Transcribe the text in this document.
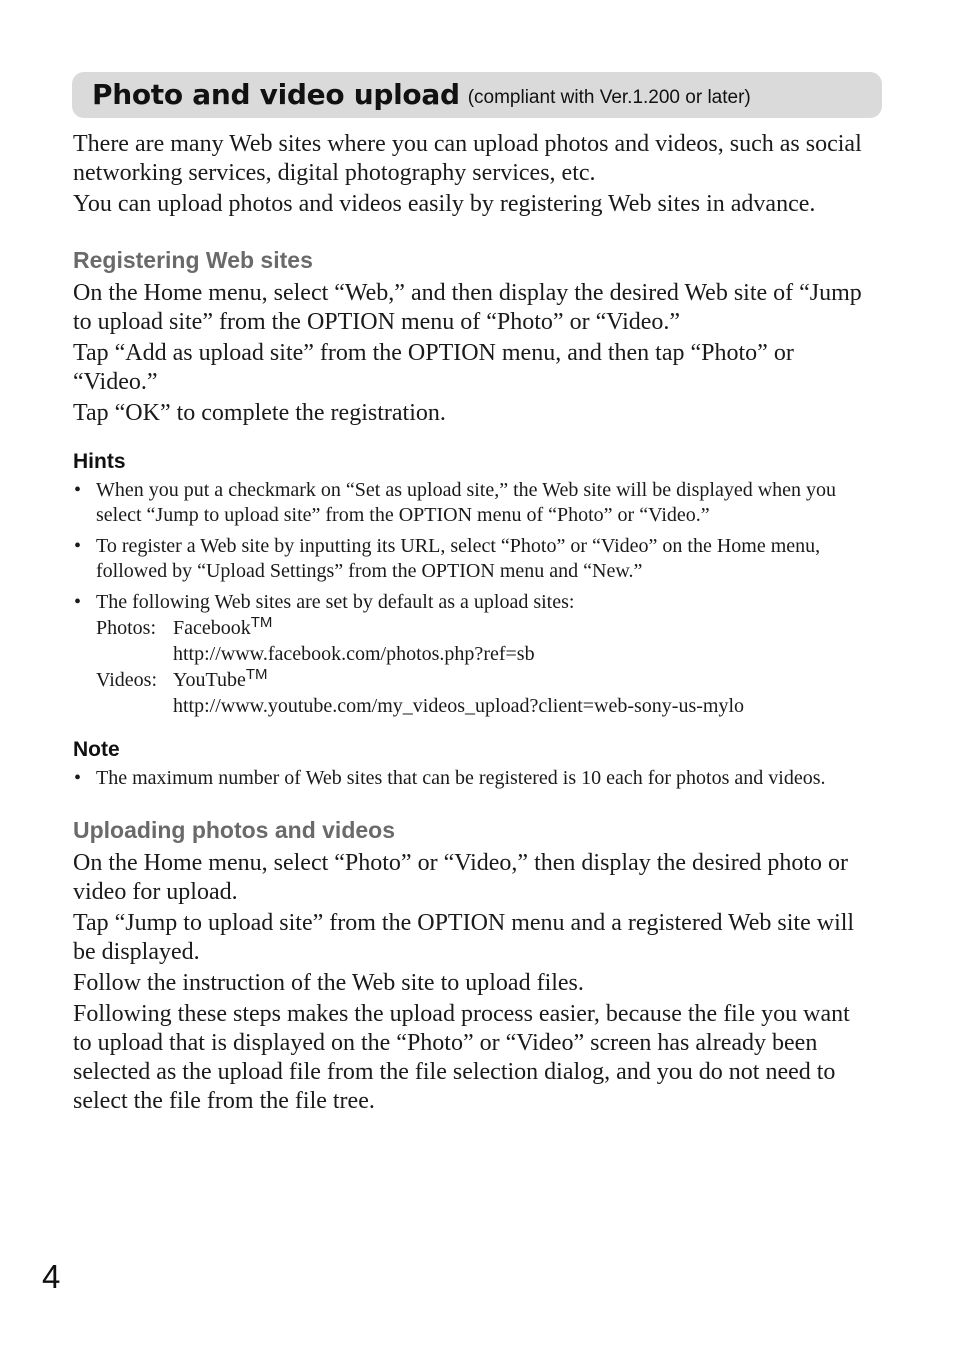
Photo and video upload (compliant with Ver.1.200 or later)

There are many Web sites where you can upload photos and videos, such as social networking services, digital photography services, etc.

You can upload photos and videos easily by registering Web sites in advance.

Registering Web sites

On the Home menu, select “Web,” and then display the desired Web site of “Jump to upload site” from the OPTION menu of “Photo” or “Video.”

Tap “Add as upload site” from the OPTION menu, and then tap “Photo” or “Video.”

Tap “OK” to complete the registration.

Hints
• When you put a checkmark on “Set as upload site,” the Web site will be displayed when you select “Jump to upload site” from the OPTION menu of “Photo” or “Video.”
• To register a Web site by inputting its URL, select “Photo” or “Video” on the Home menu, followed by “Upload Settings” from the OPTION menu and “New.”
• The following Web sites are set by default as a upload sites:
Photos: Facebook™
http://www.facebook.com/photos.php?ref=sb
Videos: YouTube™
http://www.youtube.com/my_videos_upload?client=web-sony-us-mylo
Note
• The maximum number of Web sites that can be registered is 10 each for photos and videos.
Uploading photos and videos

On the Home menu, select “Photo” or “Video,” then display the desired photo or video for upload.

Tap “Jump to upload site” from the OPTION menu and a registered Web site will be displayed.

Follow the instruction of the Web site to upload files.

Following these steps makes the upload process easier, because the file you want to upload that is displayed on the “Photo” or “Video” screen has already been selected as the upload file from the file selection dialog, and you do not need to select the file from the file tree.

4
